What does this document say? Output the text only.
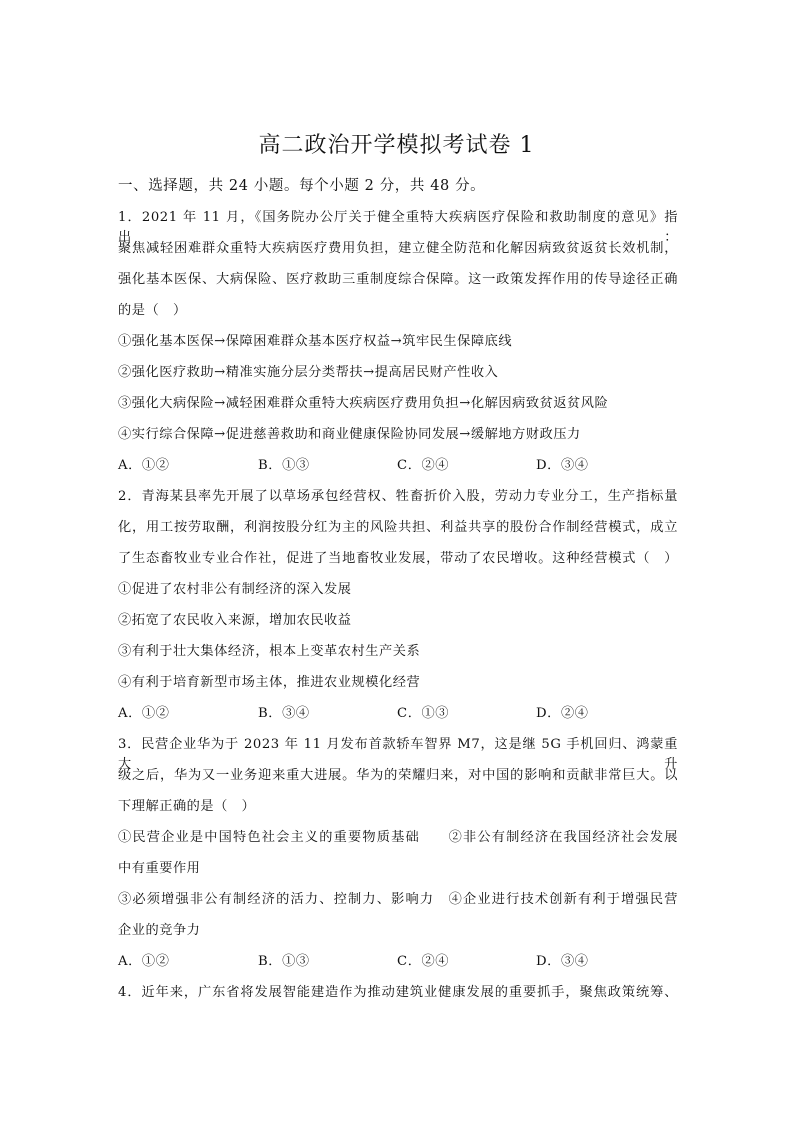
高二政治开学模拟考试卷 1
一、选择题，共 24 小题。每个小题 2 分，共 48 分。
1．2021 年 11 月，《国务院办公厅关于健全重特大疾病医疗保险和救助制度的意见》指出：
聚焦减轻困难群众重特大疾病医疗费用负担，建立健全防范和化解因病致贫返贫长效机制，
强化基本医保、大病保险、医疗救助三重制度综合保障。这一政策发挥作用的传导途径正确
的是（　）
①强化基本医保→保障困难群众基本医疗权益→筑牢民生保障底线
②强化医疗救助→精准实施分层分类帮扶→提高居民财产性收入
③强化大病保险→减轻困难群众重特大疾病医疗费用负担→化解因病致贫返贫风险
④实行综合保障→促进慈善救助和商业健康保险协同发展→缓解地方财政压力
A．①②	B．①③	C．②④	D．③④
2．青海某县率先开展了以草场承包经营权、牲畜折价入股，劳动力专业分工，生产指标量
化，用工按劳取酬，利润按股分红为主的风险共担、利益共享的股份合作制经营模式，成立
了生态畜牧业专业合作社，促进了当地畜牧业发展，带动了农民增收。这种经营模式（　）
①促进了农村非公有制经济的深入发展
②拓宽了农民收入来源，增加农民收益
③有利于壮大集体经济，根本上变革农村生产关系
④有利于培育新型市场主体，推进农业规模化经营
A．①②	B．③④	C．①③	D．②④
3．民营企业华为于 2023 年 11 月发布首款轿车智界 M7，这是继 5G 手机回归、鸿蒙重大升
级之后，华为又一业务迎来重大进展。华为的荣耀归来，对中国的影响和贡献非常巨大。以
下理解正确的是（　）
①民营企业是中国特色社会主义的重要物质基础　　②非公有制经济在我国经济社会发展
中有重要作用
③必须增强非公有制经济的活力、控制力、影响力　④企业进行技术创新有利于增强民营
企业的竞争力
A．①②	B．①③	C．②④	D．③④
4．近年来，广东省将发展智能建造作为推动建筑业健康发展的重要抓手，聚焦政策统筹、
